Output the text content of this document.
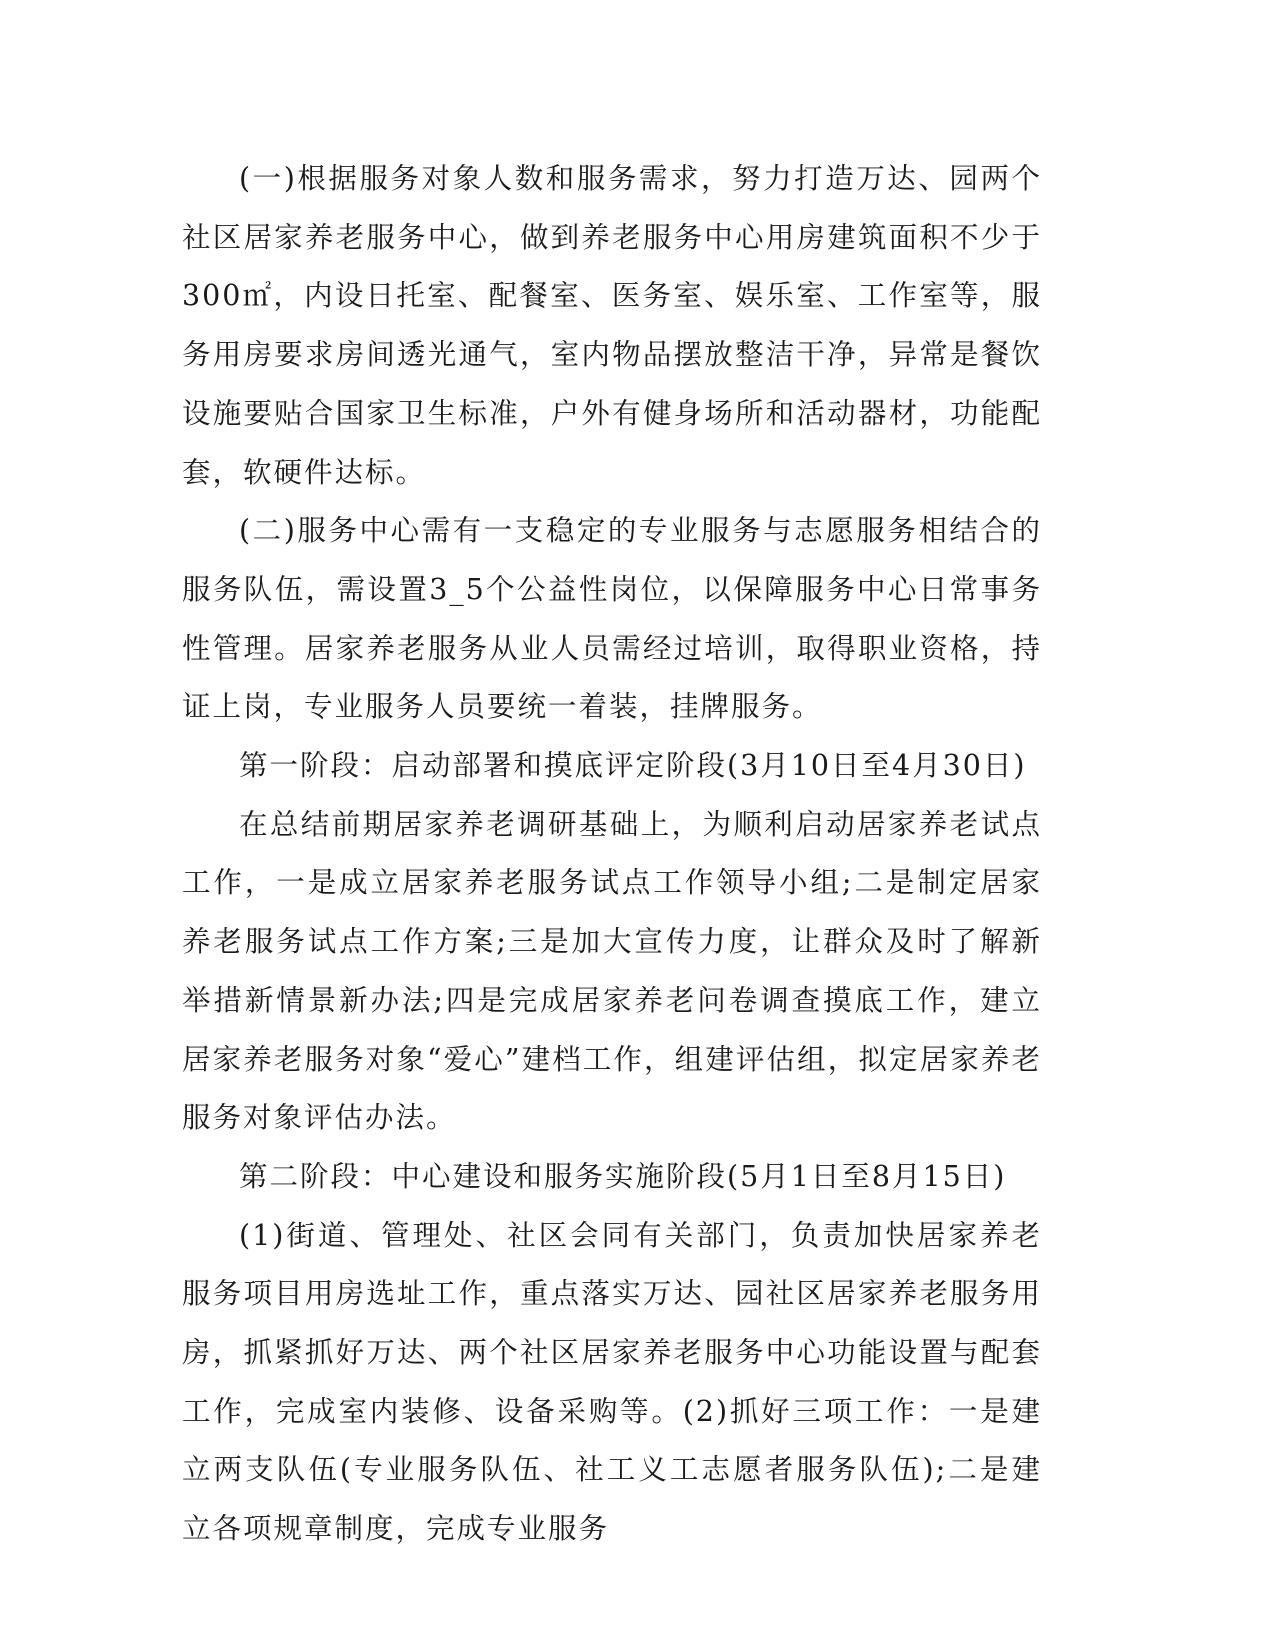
(一)根据服务对象人数和服务需求，努力打造万达、园两个社区居家养老服务中心，做到养老服务中心用房建筑面积不少于300㎡，内设日托室、配餐室、医务室、娱乐室、工作室等，服务用房要求房间透光通气，室内物品摆放整洁干净，异常是餐饮设施要贴合国家卫生标准，户外有健身场所和活动器材，功能配套，软硬件达标。

(二)服务中心需有一支稳定的专业服务与志愿服务相结合的服务队伍，需设置3_5个公益性岗位，以保障服务中心日常事务性管理。居家养老服务从业人员需经过培训，取得职业资格，持证上岗，专业服务人员要统一着装，挂牌服务。

第一阶段：启动部署和摸底评定阶段(3月10日至4月30日)

在总结前期居家养老调研基础上，为顺利启动居家养老试点工作，一是成立居家养老服务试点工作领导小组;二是制定居家养老服务试点工作方案;三是加大宣传力度，让群众及时了解新举措新情景新办法;四是完成居家养老问卷调查摸底工作，建立居家养老服务对象“爱心”建档工作，组建评估组，拟定居家养老服务对象评估办法。

第二阶段：中心建设和服务实施阶段(5月1日至8月15日)

(1)街道、管理处、社区会同有关部门，负责加快居家养老服务项目用房选址工作，重点落实万达、园社区居家养老服务用房，抓紧抓好万达、两个社区居家养老服务中心功能设置与配套工作，完成室内装修、设备采购等。(2)抓好三项工作：一是建立两支队伍(专业服务队伍、社工义工志愿者服务队伍);二是建立各项规章制度，完成专业服务
